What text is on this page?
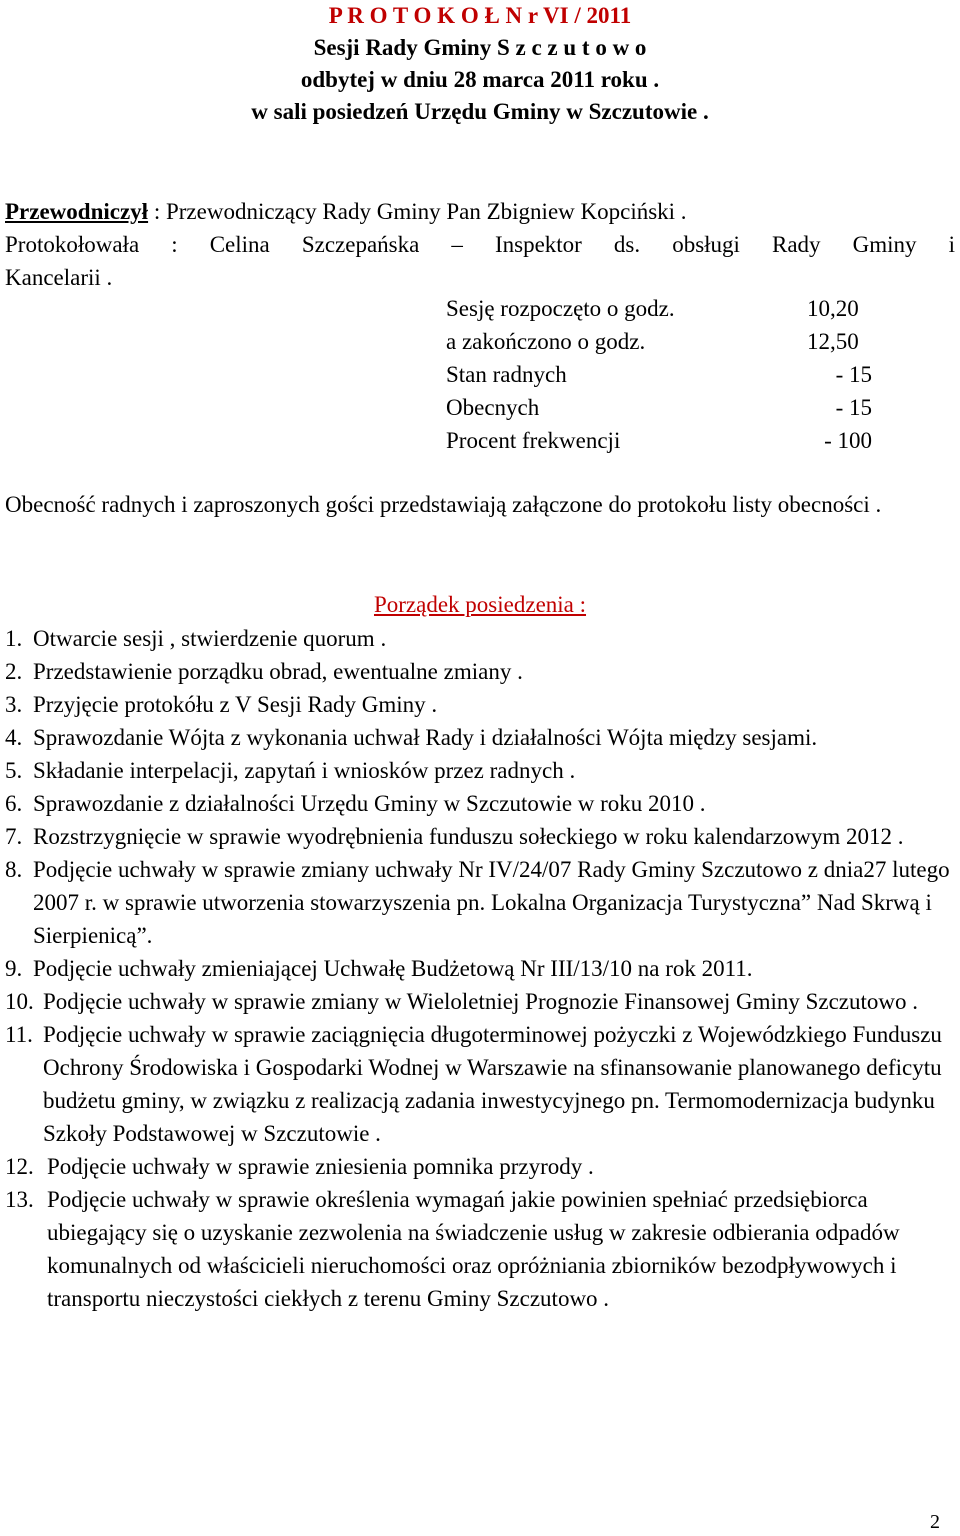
P R O T O K O Ł N r VI / 2011
Sesji Rady Gminy S z c z u t o w o
odbytej w dniu 28 marca 2011 roku .
w sali posiedzeń Urzędu Gminy w Szczutowie .
Przewodniczył : Przewodniczący Rady Gminy Pan Zbigniew Kopciński .
Protokołowała : Celina Szczepańska – Inspektor ds. obsługi Rady Gminy i
Kancelarii .
Sesję rozpoczęto o godz.	10,20
a zakończono o godz.	12,50
Stan radnych	- 15
Obecnych	- 15
Procent frekwencji	- 100
Obecność radnych i zaproszonych gości przedstawiają załączone do protokołu listy obecności .
Porządek posiedzenia :
1. Otwarcie sesji , stwierdzenie quorum .
2. Przedstawienie porządku obrad, ewentualne zmiany .
3. Przyjęcie protokółu z V Sesji Rady Gminy .
4. Sprawozdanie Wójta z wykonania uchwał Rady i działalności Wójta między sesjami.
5. Składanie interpelacji, zapytań i wniosków przez radnych .
6. Sprawozdanie z działalności Urzędu Gminy w Szczutowie w roku 2010 .
7. Rozstrzygnięcie w sprawie wyodrębnienia funduszu sołeckiego w roku kalendarzowym 2012 .
8. Podjęcie uchwały w sprawie zmiany uchwały Nr IV/24/07 Rady Gminy Szczutowo z dnia27 lutego 2007 r. w sprawie utworzenia stowarzyszenia pn. Lokalna Organizacja Turystyczna” Nad Skrwą i Sierpienicą”.
9. Podjęcie uchwały zmieniającej Uchwałę Budżetową Nr III/13/10 na rok 2011.
10. Podjęcie uchwały w sprawie zmiany w Wieloletniej Prognozie Finansowej Gminy Szczutowo .
11. Podjęcie uchwały w sprawie zaciągnięcia długoterminowej pożyczki z Wojewódzkiego Funduszu Ochrony Środowiska i Gospodarki Wodnej w Warszawie na sfinansowanie planowanego deficytu budżetu gminy, w związku z realizacją zadania inwestycyjnego pn. Termomodernizacja budynku Szkoły Podstawowej w Szczutowie .
12. Podjęcie uchwały w sprawie zniesienia pomnika przyrody .
13. Podjęcie uchwały w sprawie określenia wymagań jakie powinien spełniać przedsiębiorca ubiegający się o uzyskanie zezwolenia na świadczenie usług w zakresie odbierania odpadów komunalnych od właścicieli nieruchomości oraz opróżniania zbiorników bezodpływowych i transportu nieczystości ciekłych z terenu Gminy Szczutowo .
2
